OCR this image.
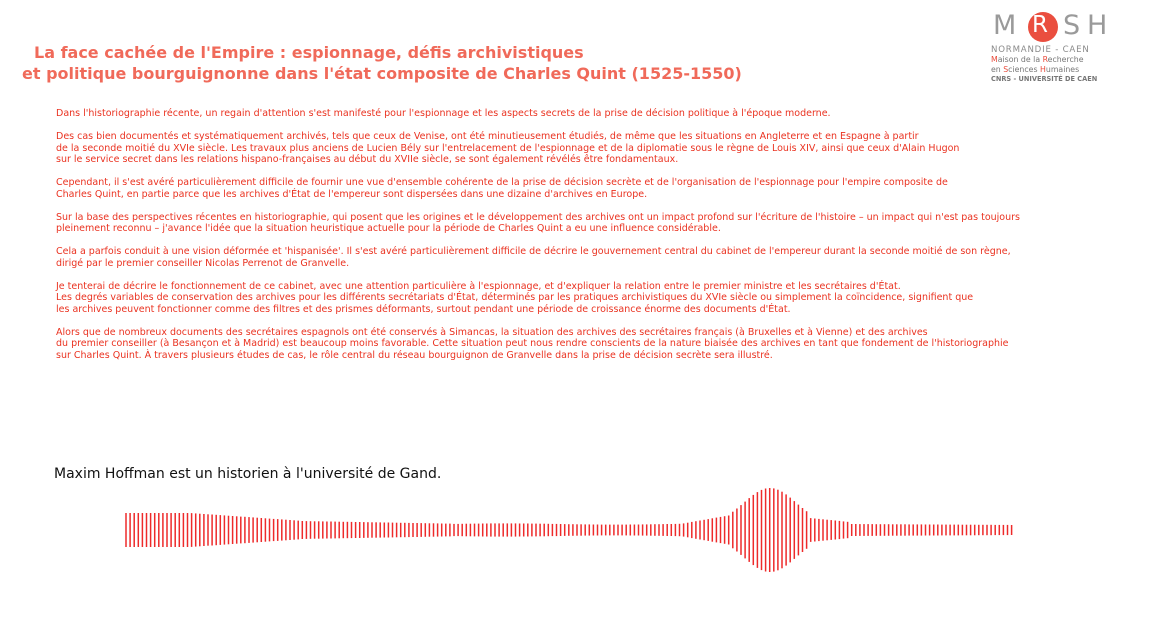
La face cachée de l'Empire : espionnage, défis archivistiques
et politique bourguignonne dans l'état composite de Charles Quint (1525-1550)
M R S H
NORMANDIE - CAEN
Maison de la Recherche
en Sciences Humaines
CNRS - UNIVERSITÉ DE CAEN

Dans l'historiographie récente, un regain d'attention s'est manifesté pour l'espionnage et les aspects secrets de la prise de décision politique à l'époque moderne.

Des cas bien documentés et systématiquement archivés, tels que ceux de Venise, ont été minutieusement étudiés, de même que les situations en Angleterre et en Espagne à partir
de la seconde moitié du XVIe siècle. Les travaux plus anciens de Lucien Bély sur l'entrelacement de l'espionnage et de la diplomatie sous le règne de Louis XIV, ainsi que ceux d'Alain Hugon
sur le service secret dans les relations hispano-françaises au début du XVIIe siècle, se sont également révélés être fondamentaux.

Cependant, il s'est avéré particulièrement difficile de fournir une vue d'ensemble cohérente de la prise de décision secrète et de l'organisation de l'espionnage pour l'empire composite de
Charles Quint, en partie parce que les archives d'État de l'empereur sont dispersées dans une dizaine d'archives en Europe.

Sur la base des perspectives récentes en historiographie, qui posent que les origines et le développement des archives ont un impact profond sur l'écriture de l'histoire – un impact qui n'est pas toujours
pleinement reconnu – j'avance l'idée que la situation heuristique actuelle pour la période de Charles Quint a eu une influence considérable.

Cela a parfois conduit à une vision déformée et 'hispanisée'. Il s'est avéré particulièrement difficile de décrire le gouvernement central du cabinet de l'empereur durant la seconde moitié de son règne,
dirigé par le premier conseiller Nicolas Perrenot de Granvelle.

Je tenterai de décrire le fonctionnement de ce cabinet, avec une attention particulière à l'espionnage, et d'expliquer la relation entre le premier ministre et les secrétaires d'État.
Les degrés variables de conservation des archives pour les différents secrétariats d'État, déterminés par les pratiques archivistiques du XVIe siècle ou simplement la coïncidence, signifient que
les archives peuvent fonctionner comme des filtres et des prismes déformants, surtout pendant une période de croissance énorme des documents d'État.

Alors que de nombreux documents des secrétaires espagnols ont été conservés à Simancas, la situation des archives des secrétaires français (à Bruxelles et à Vienne) et des archives
du premier conseiller (à Besançon et à Madrid) est beaucoup moins favorable. Cette situation peut nous rendre conscients de la nature biaisée des archives en tant que fondement de l'historiographie
sur Charles Quint. À travers plusieurs études de cas, le rôle central du réseau bourguignon de Granvelle dans la prise de décision secrète sera illustré.

Maxim Hoffman est un historien à l'université de Gand.
